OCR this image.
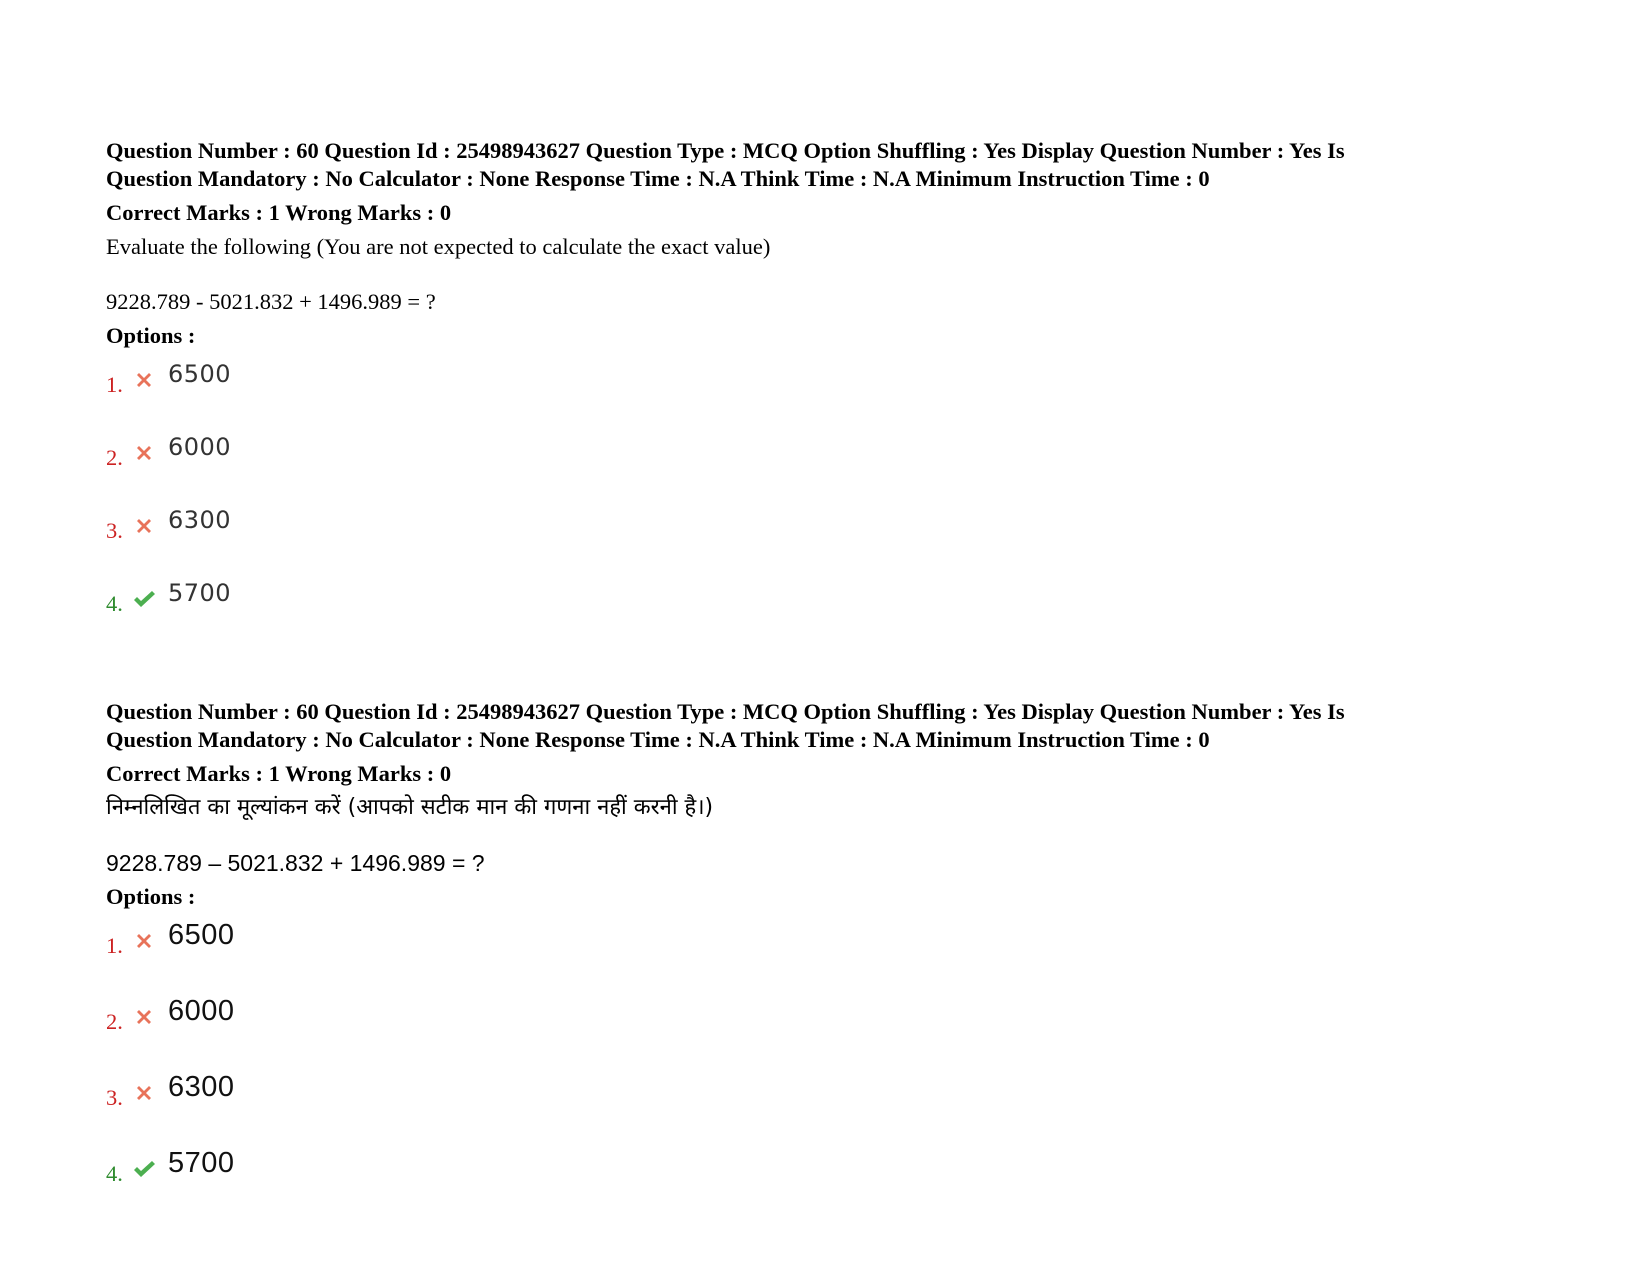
Question Number : 60 Question Id : 25498943627 Question Type : MCQ Option Shuffling : Yes Display Question Number : Yes Is
Question Mandatory : No Calculator : None Response Time : N.A Think Time : N.A Minimum Instruction Time : 0

Correct Marks : 1 Wrong Marks : 0
Evaluate the following (You are not expected to calculate the exact value)
9228.789 - 5021.832 + 1496.989 = ?
Options :
1. 6500
2. 6000
3. 6300
4. 5700

Question Number : 60 Question Id : 25498943627 Question Type : MCQ Option Shuffling : Yes Display Question Number : Yes Is
Question Mandatory : No Calculator : None Response Time : N.A Think Time : N.A Minimum Instruction Time : 0

Correct Marks : 1 Wrong Marks : 0
निम्नलिखित का मूल्यांकन करें (आपको सटीक मान की गणना नहीं करनी है।)
9228.789 – 5021.832 + 1496.989 = ?
Options :
1. 6500
2. 6000
3. 6300
4. 5700
